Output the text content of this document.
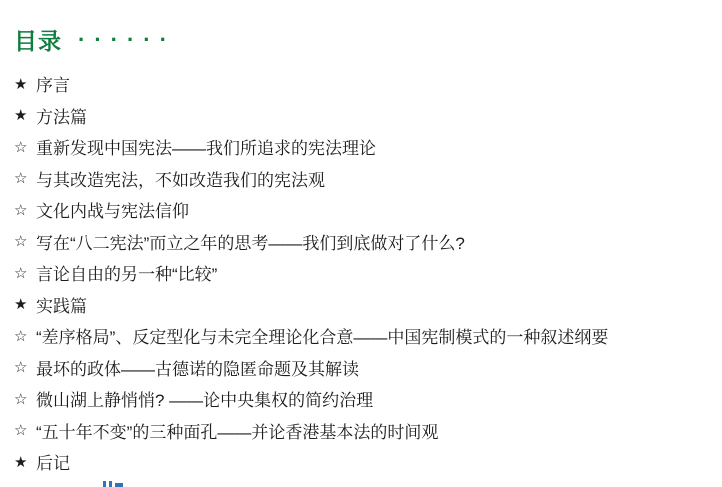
目录 ······
★ 序言
★ 方法篇
☆ 重新发现中国宪法——我们所追求的宪法理论
☆ 与其改造宪法，不如改造我们的宪法观
☆ 文化内战与宪法信仰
☆ 写在“八二宪法”而立之年的思考——我们到底做对了什么?
☆ 言论自由的另一种“比较”
★ 实践篇
☆ “差序格局”、反定型化与未完全理论化合意——中国宪制模式的一种叙述纲要
☆ 最坏的政体——古德诺的隐匿命题及其解读
☆ 微山湖上静悄悄? ——论中央集权的简约治理
☆ “五十年不变”的三种面孔——并论香港基本法的时间观
★ 后记
